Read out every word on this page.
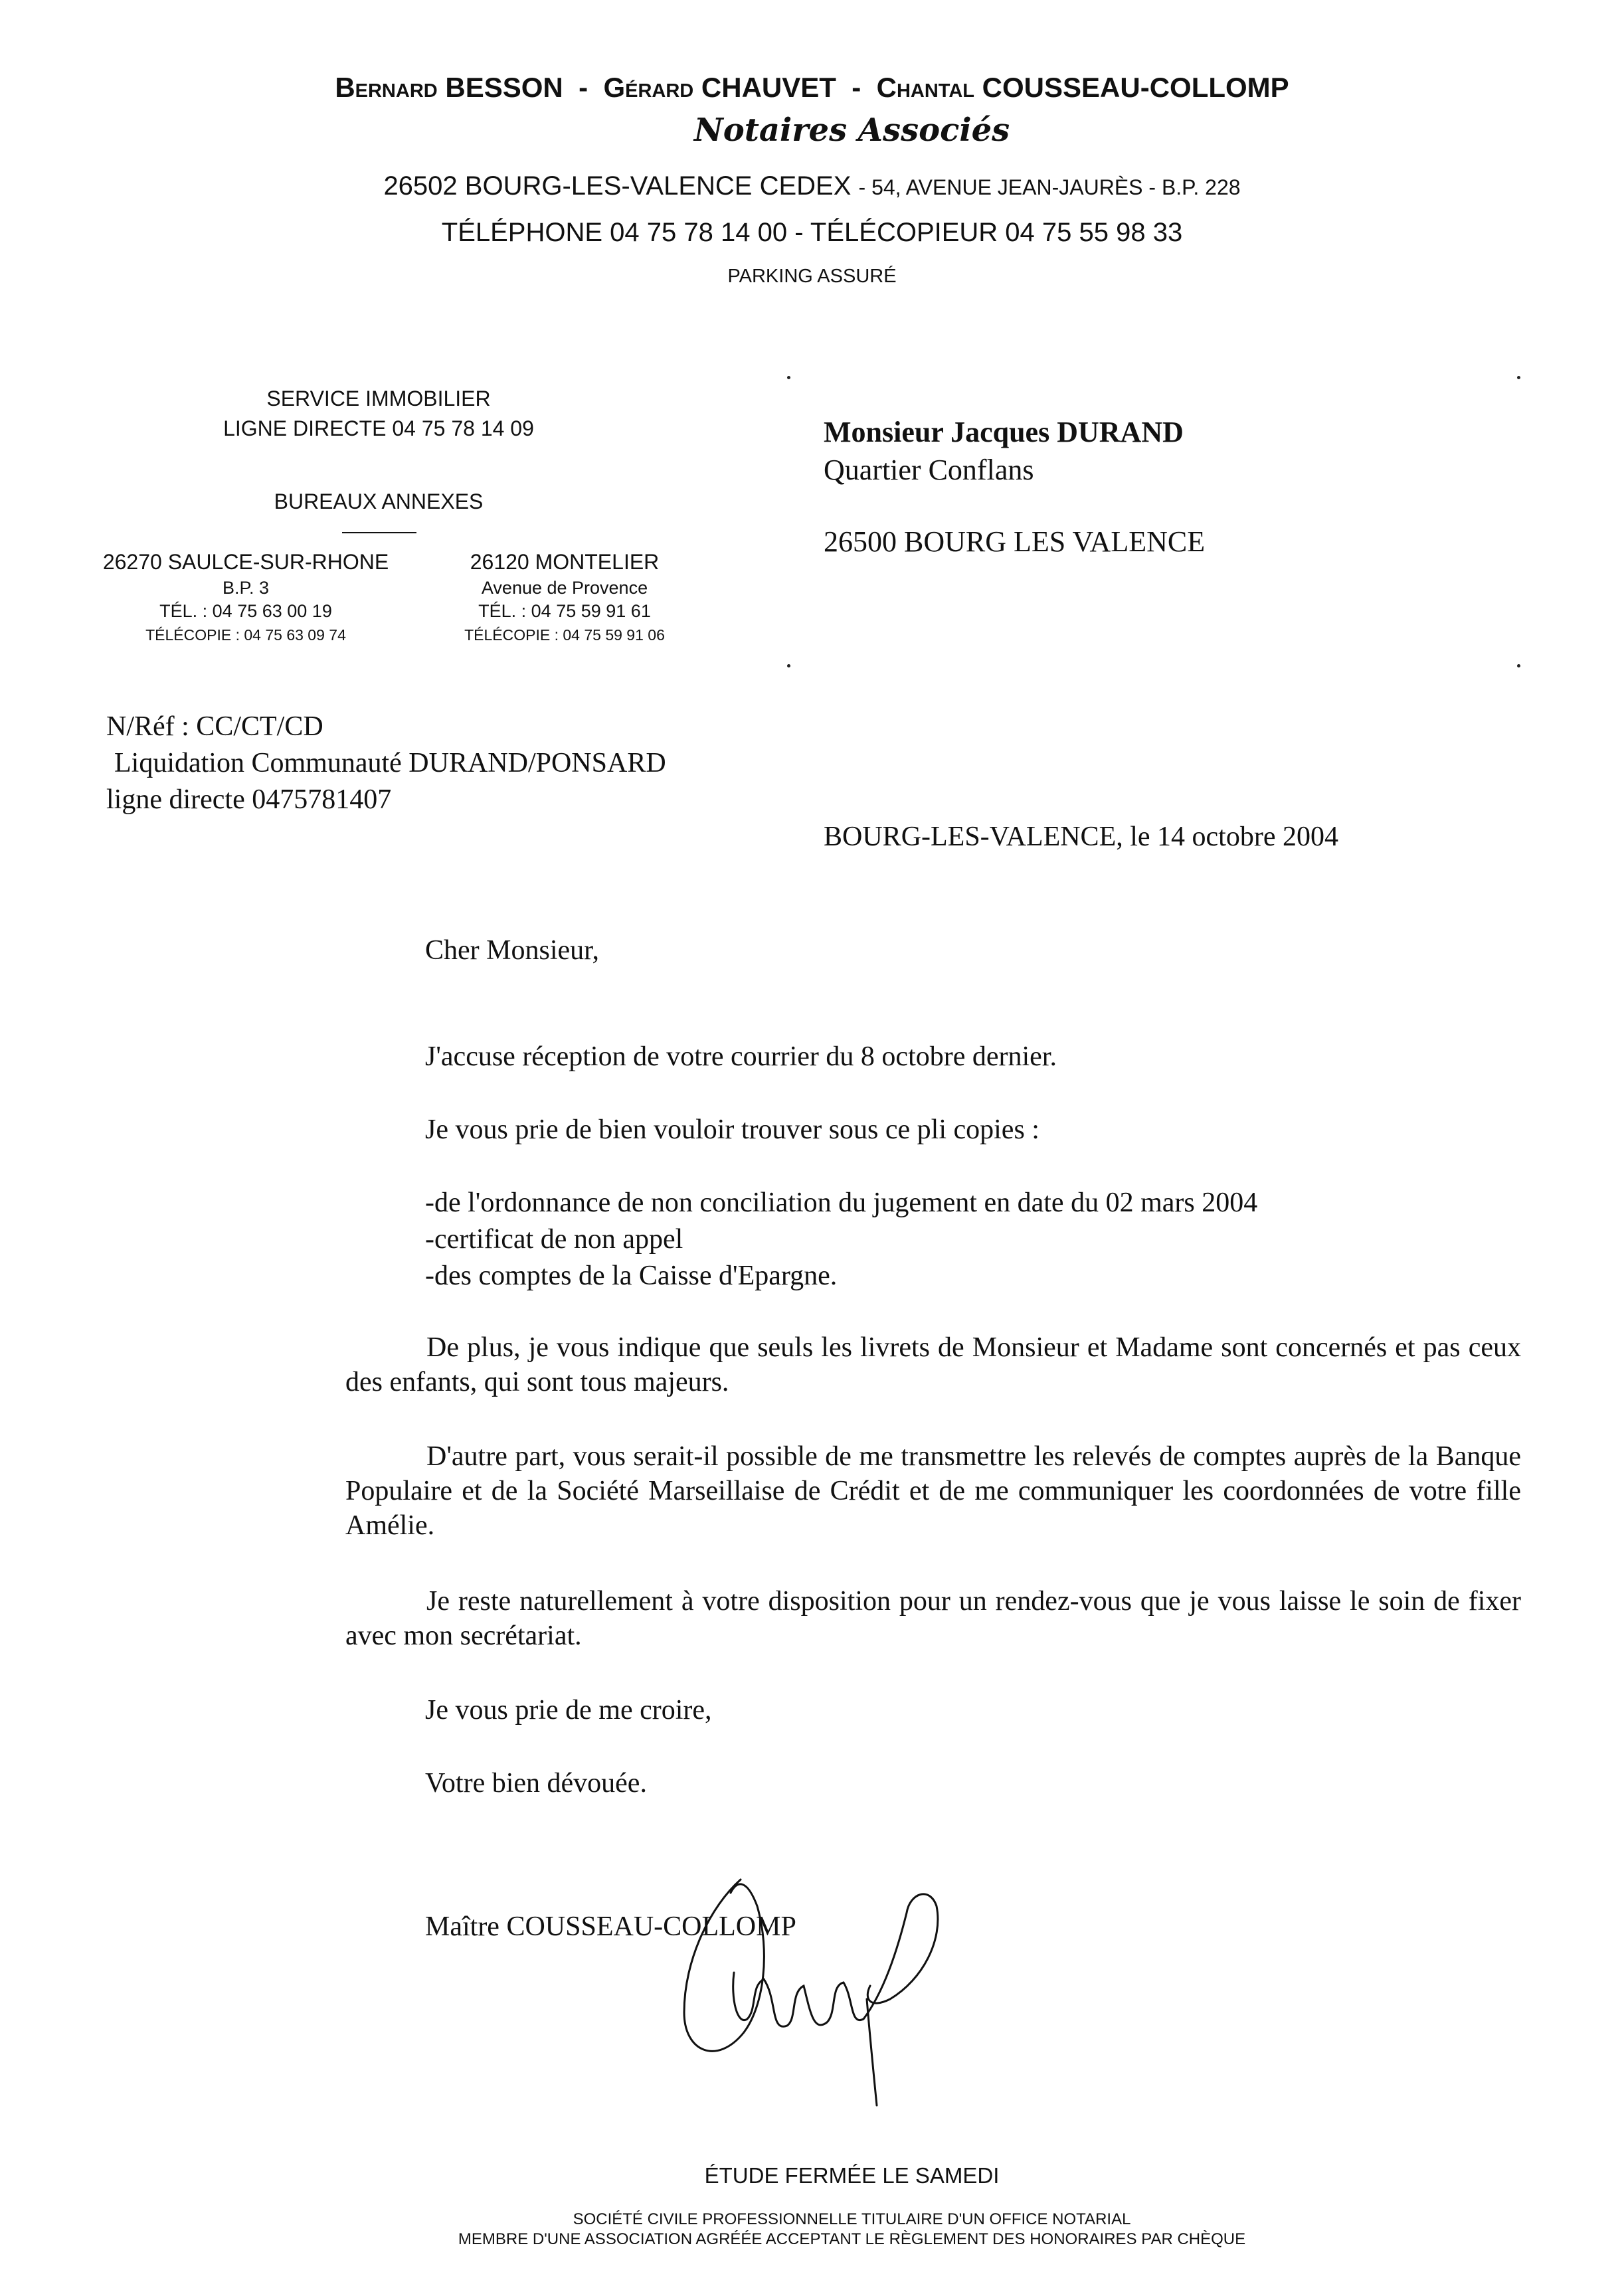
Bernard BESSON - Gérard CHAUVET - Chantal COUSSEAU-COLLOMP
Notaires Associés
26502 BOURG-LES-VALENCE CEDEX - 54, AVENUE JEAN-JAURÈS - B.P. 228
TÉLÉPHONE 04 75 78 14 00 - TÉLÉCOPIEUR 04 75 55 98 33
PARKING ASSURÉ
SERVICE IMMOBILIER
LIGNE DIRECTE 04 75 78 14 09
BUREAUX ANNEXES
26270 SAULCE-SUR-RHONE
B.P. 3
TÉL. : 04 75 63 00 19
TÉLÉCOPIE : 04 75 63 09 74
26120 MONTELIER
Avenue de Provence
TÉL. : 04 75 59 91 61
TÉLÉCOPIE : 04 75 59 91 06
Monsieur Jacques DURAND
Quartier Conflans
26500 BOURG LES VALENCE
N/Réf : CC/CT/CD
Liquidation Communauté DURAND/PONSARD
ligne directe 0475781407
BOURG-LES-VALENCE, le 14 octobre 2004
Cher Monsieur,
J'accuse réception de votre courrier du 8 octobre dernier.
Je vous prie de bien vouloir trouver sous ce pli copies :
-de l'ordonnance de non conciliation du jugement en date du 02 mars 2004
-certificat de non appel
-des comptes de la Caisse d'Epargne.
De plus, je vous indique que seuls les livrets de Monsieur et Madame sont concernés et pas ceux des enfants, qui sont tous majeurs.
D'autre part, vous serait-il possible de me transmettre les relevés de comptes auprès de la Banque Populaire et de la Société Marseillaise de Crédit et de me communiquer les coordonnées de votre fille Amélie.
Je reste naturellement à votre disposition pour un rendez-vous que je vous laisse le soin de fixer avec mon secrétariat.
Je vous prie de me croire,
Votre bien dévouée.
Maître COUSSEAU-COLLOMP
ÉTUDE FERMÉE LE SAMEDI
SOCIÉTÉ CIVILE PROFESSIONNELLE TITULAIRE D'UN OFFICE NOTARIAL
MEMBRE D'UNE ASSOCIATION AGRÉÉE ACCEPTANT LE RÈGLEMENT DES HONORAIRES PAR CHÈQUE
